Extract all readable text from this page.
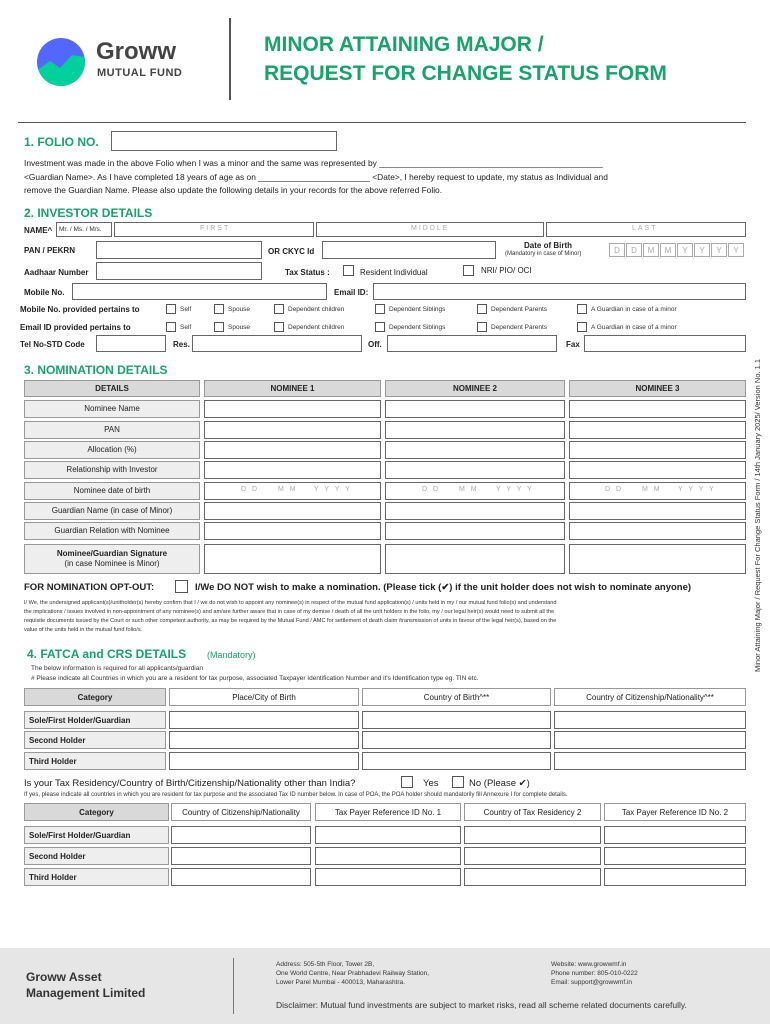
Groww
MUTUAL FUND
MINOR ATTAINING MAJOR /
REQUEST FOR CHANGE STATUS FORM
Minor Attaining Major / Request For Change Status Form / 14th January 2025/ Version No. 1.1
1. FOLIO NO.
Investment was made in the above Folio when I was a minor and the same was represented by ________________________________________________
<Guardian Name>. As I have completed 18 years of age as on ________________________ <Date>, I hereby request to update, my status as Individual and
remove the Guardian Name. Please also update the following details in your records for the above referred Folio.
2. INVESTOR DETAILS
NAME^ Mr. / Ms. / M/s.	FIRST	MIDDLE	LAST
PAN / PEKRN	OR CKYC Id
Date of Birth
(Mandatory in case of Minor)	D	D	M	M	Y	Y	Y	Y
Aadhaar Number	Tax Status :	Resident Individual	NRI/ PIO/ OCI
Mobile No.	Email ID:
Mobile No. provided pertains to	Self	Spouse	Dependent children	Dependent Siblings	Dependent Parents	A Guardian in case of a minor
Email ID provided pertains to	Self	Spouse	Dependent children	Dependent Siblings	Dependent Parents	A Guardian in case of a minor
Tel No-STD Code	Res.	Off.	Fax
3. NOMINATION DETAILS
DETAILS	NOMINEE 1	NOMINEE 2	NOMINEE 3
Nominee Name
PAN
Allocation (%)
Relationship with Investor
Nominee date of birth	D D	M M Y Y Y Y	D D	M M Y Y Y Y	D D	M M Y Y Y Y
Guardian Name (in case of Minor)
Guardian Relation with Nominee
Nominee/Guardian Signature
(in case Nominee is Minor)
FOR NOMINATION OPT-OUT:	I/We DO NOT wish to make a nomination. (Please tick (✔) if the unit holder does not wish to nominate anyone)
I/ We, the undersigned applicant(s)/unitholder(s) hereby confirm that I / we do not wish to appoint any nominee(s) in respect of the mutual fund application(s) / units held in my / our mutual fund folio(s) and understand
the implications / issues involved in non-appointment of any nominee(s) and am/are further aware that in case of my demise / death of all the unit holders in the folio, my / our legal heir(s) would need to submit all the
requisite documents issued by the Court or such other competent authority, as may be required by the Mutual Fund / AMC for settlement of death claim /transmission of units in favour of the legal heir(s), based on the
value of the units held in the mutual fund folio/s.
4. FATCA and CRS DETAILS (Mandatory)
The below information is required for all applicants/guardian
# Please indicate all Countries in which you are a resident for tax purpose, associated Taxpayer Identification Number and it's Identification type eg. TIN etc.
Category	Place/City of Birth	Country of Birth^**	Country of Citizenship/Nationality^**
Sole/First Holder/Guardian
Second Holder
Third Holder
Is your Tax Residency/Country of Birth/Citizenship/Nationality other than India?	Yes	No (Please ✔)
If yes, please indicate all countries in which you are resident for tax purpose and the associated Tax ID number below. In case of POA, the POA holder should mandatorily fill Annexure I for complete details.
Category	Country of Citizenship/Nationality	Tax Payer Reference ID No. 1	Country of Tax Residency 2	Tax Payer Reference ID No. 2
Sole/First Holder/Guardian
Second Holder
Third Holder
Groww Asset
Management Limited
Address: 505-5th Floor, Tower 2B,
One World Centre, Near Prabhadevi Railway Station,
Lower Parel Mumbai - 400013, Maharashtra.
Website: www.growwmf.in
Phone number: 805-010-0222
Email: support@growwmf.in
Disclaimer: Mutual fund investments are subject to market risks, read all scheme related documents carefully.
